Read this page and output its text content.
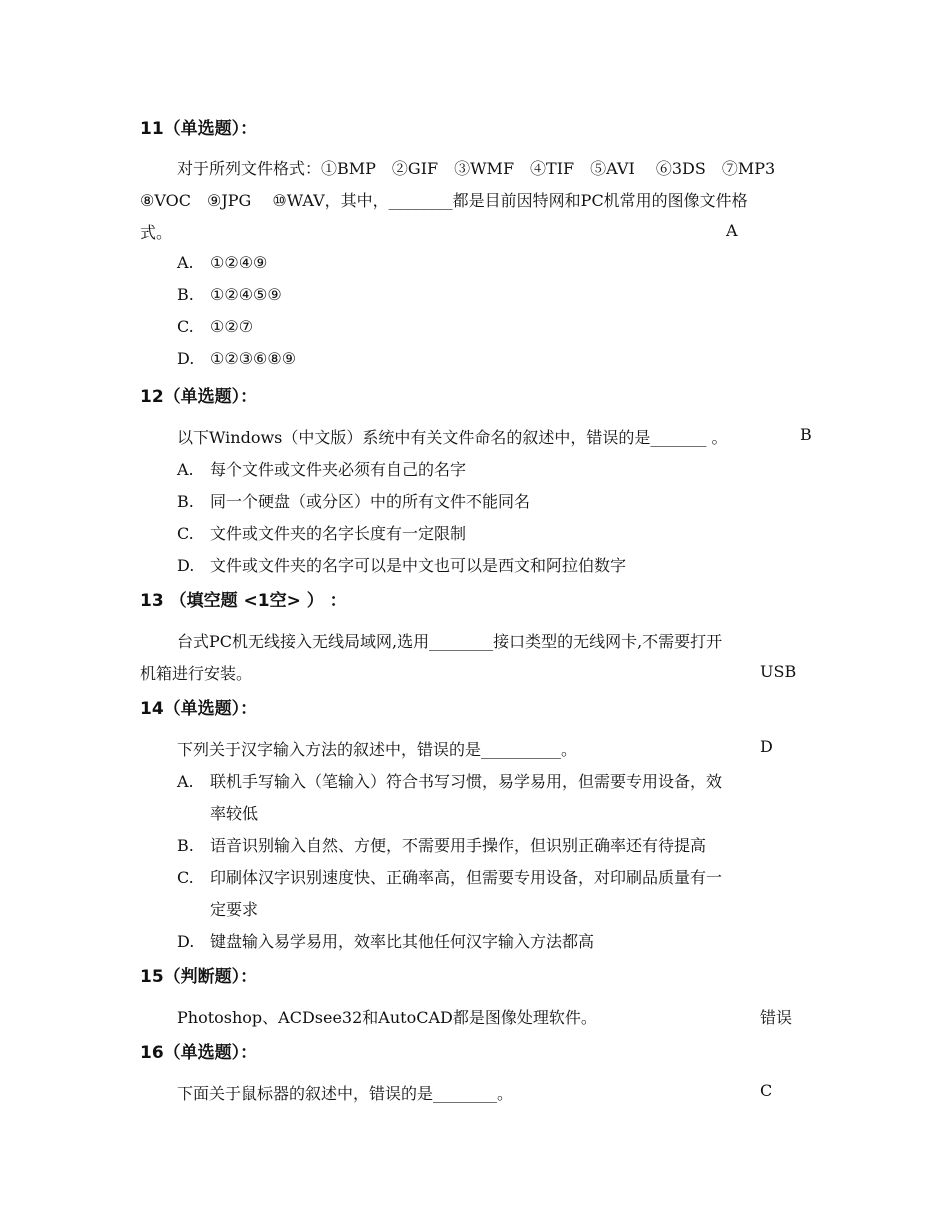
11（单选题）：
对于所列文件格式：①BMP　②GIF　③WMF　④TIF　⑤AVI　 ⑥3DS　⑦MP3
⑧VOC　⑨JPG　 ⑩WAV，其中，________都是目前因特网和PC机常用的图像文件格
式。	A
A. ①②④⑨
B. ①②④⑤⑨
C. ①②⑦
D. ①②③⑥⑧⑨
12（单选题）：
以下Windows（中文版）系统中有关文件命名的叙述中，错误的是_______ 。	B
A. 每个文件或文件夹必须有自己的名字
B. 同一个硬盘（或分区）中的所有文件不能同名
C. 文件或文件夹的名字长度有一定限制
D. 文件或文件夹的名字可以是中文也可以是西文和阿拉伯数字
13 （填空题 <1空> ） ：
台式PC机无线接入无线局域网,选用________接口类型的无线网卡,不需要打开
机箱进行安装。	USB
14（单选题）：
下列关于汉字输入方法的叙述中，错误的是__________。	D
A. 联机手写输入（笔输入）符合书写习惯，易学易用，但需要专用设备，效
率较低
B. 语音识别输入自然、方便，不需要用手操作，但识别正确率还有待提高
C. 印刷体汉字识别速度快、正确率高，但需要专用设备，对印刷品质量有一
定要求
D. 键盘输入易学易用，效率比其他任何汉字输入方法都高
15（判断题）：
Photoshop、ACDsee32和AutoCAD都是图像处理软件。	错误
16（单选题）：
下面关于鼠标器的叙述中，错误的是________。	C
